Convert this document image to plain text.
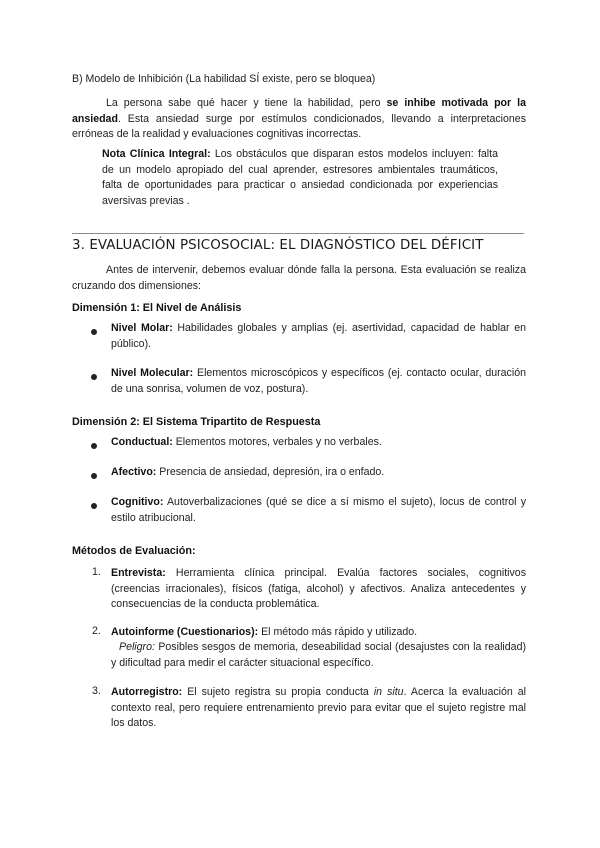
B) Modelo de Inhibición (La habilidad SÍ existe, pero se bloquea)
La persona sabe qué hacer y tiene la habilidad, pero se inhibe motivada por la ansiedad. Esta ansiedad surge por estímulos condicionados, llevando a interpretaciones erróneas de la realidad y evaluaciones cognitivas incorrectas.
Nota Clínica Integral: Los obstáculos que disparan estos modelos incluyen: falta de un modelo apropiado del cual aprender, estresores ambientales traumáticos, falta de oportunidades para practicar o ansiedad condicionada por experiencias aversivas previas .
3. EVALUACIÓN PSICOSOCIAL: EL DIAGNÓSTICO DEL DÉFICIT
Antes de intervenir, debemos evaluar dónde falla la persona. Esta evaluación se realiza cruzando dos dimensiones:
Dimensión 1: El Nivel de Análisis
Nivel Molar: Habilidades globales y amplias (ej. asertividad, capacidad de hablar en público).
Nivel Molecular: Elementos microscópicos y específicos (ej. contacto ocular, duración de una sonrisa, volumen de voz, postura).
Dimensión 2: El Sistema Tripartito de Respuesta
Conductual: Elementos motores, verbales y no verbales.
Afectivo: Presencia de ansiedad, depresión, ira o enfado.
Cognitivo: Autoverbalizaciones (qué se dice a sí mismo el sujeto), locus de control y estilo atribucional.
Métodos de Evaluación:
1. Entrevista: Herramienta clínica principal. Evalúa factores sociales, cognitivos (creencias irracionales), físicos (fatiga, alcohol) y afectivos. Analiza antecedentes y consecuencias de la conducta problemática.
2. Autoinforme (Cuestionarios): El método más rápido y utilizado.
Peligro: Posibles sesgos de memoria, deseabilidad social (desajustes con la realidad) y dificultad para medir el carácter situacional específico.
3. Autorregistro: El sujeto registra su propia conducta in situ. Acerca la evaluación al contexto real, pero requiere entrenamiento previo para evitar que el sujeto registre mal los datos.
